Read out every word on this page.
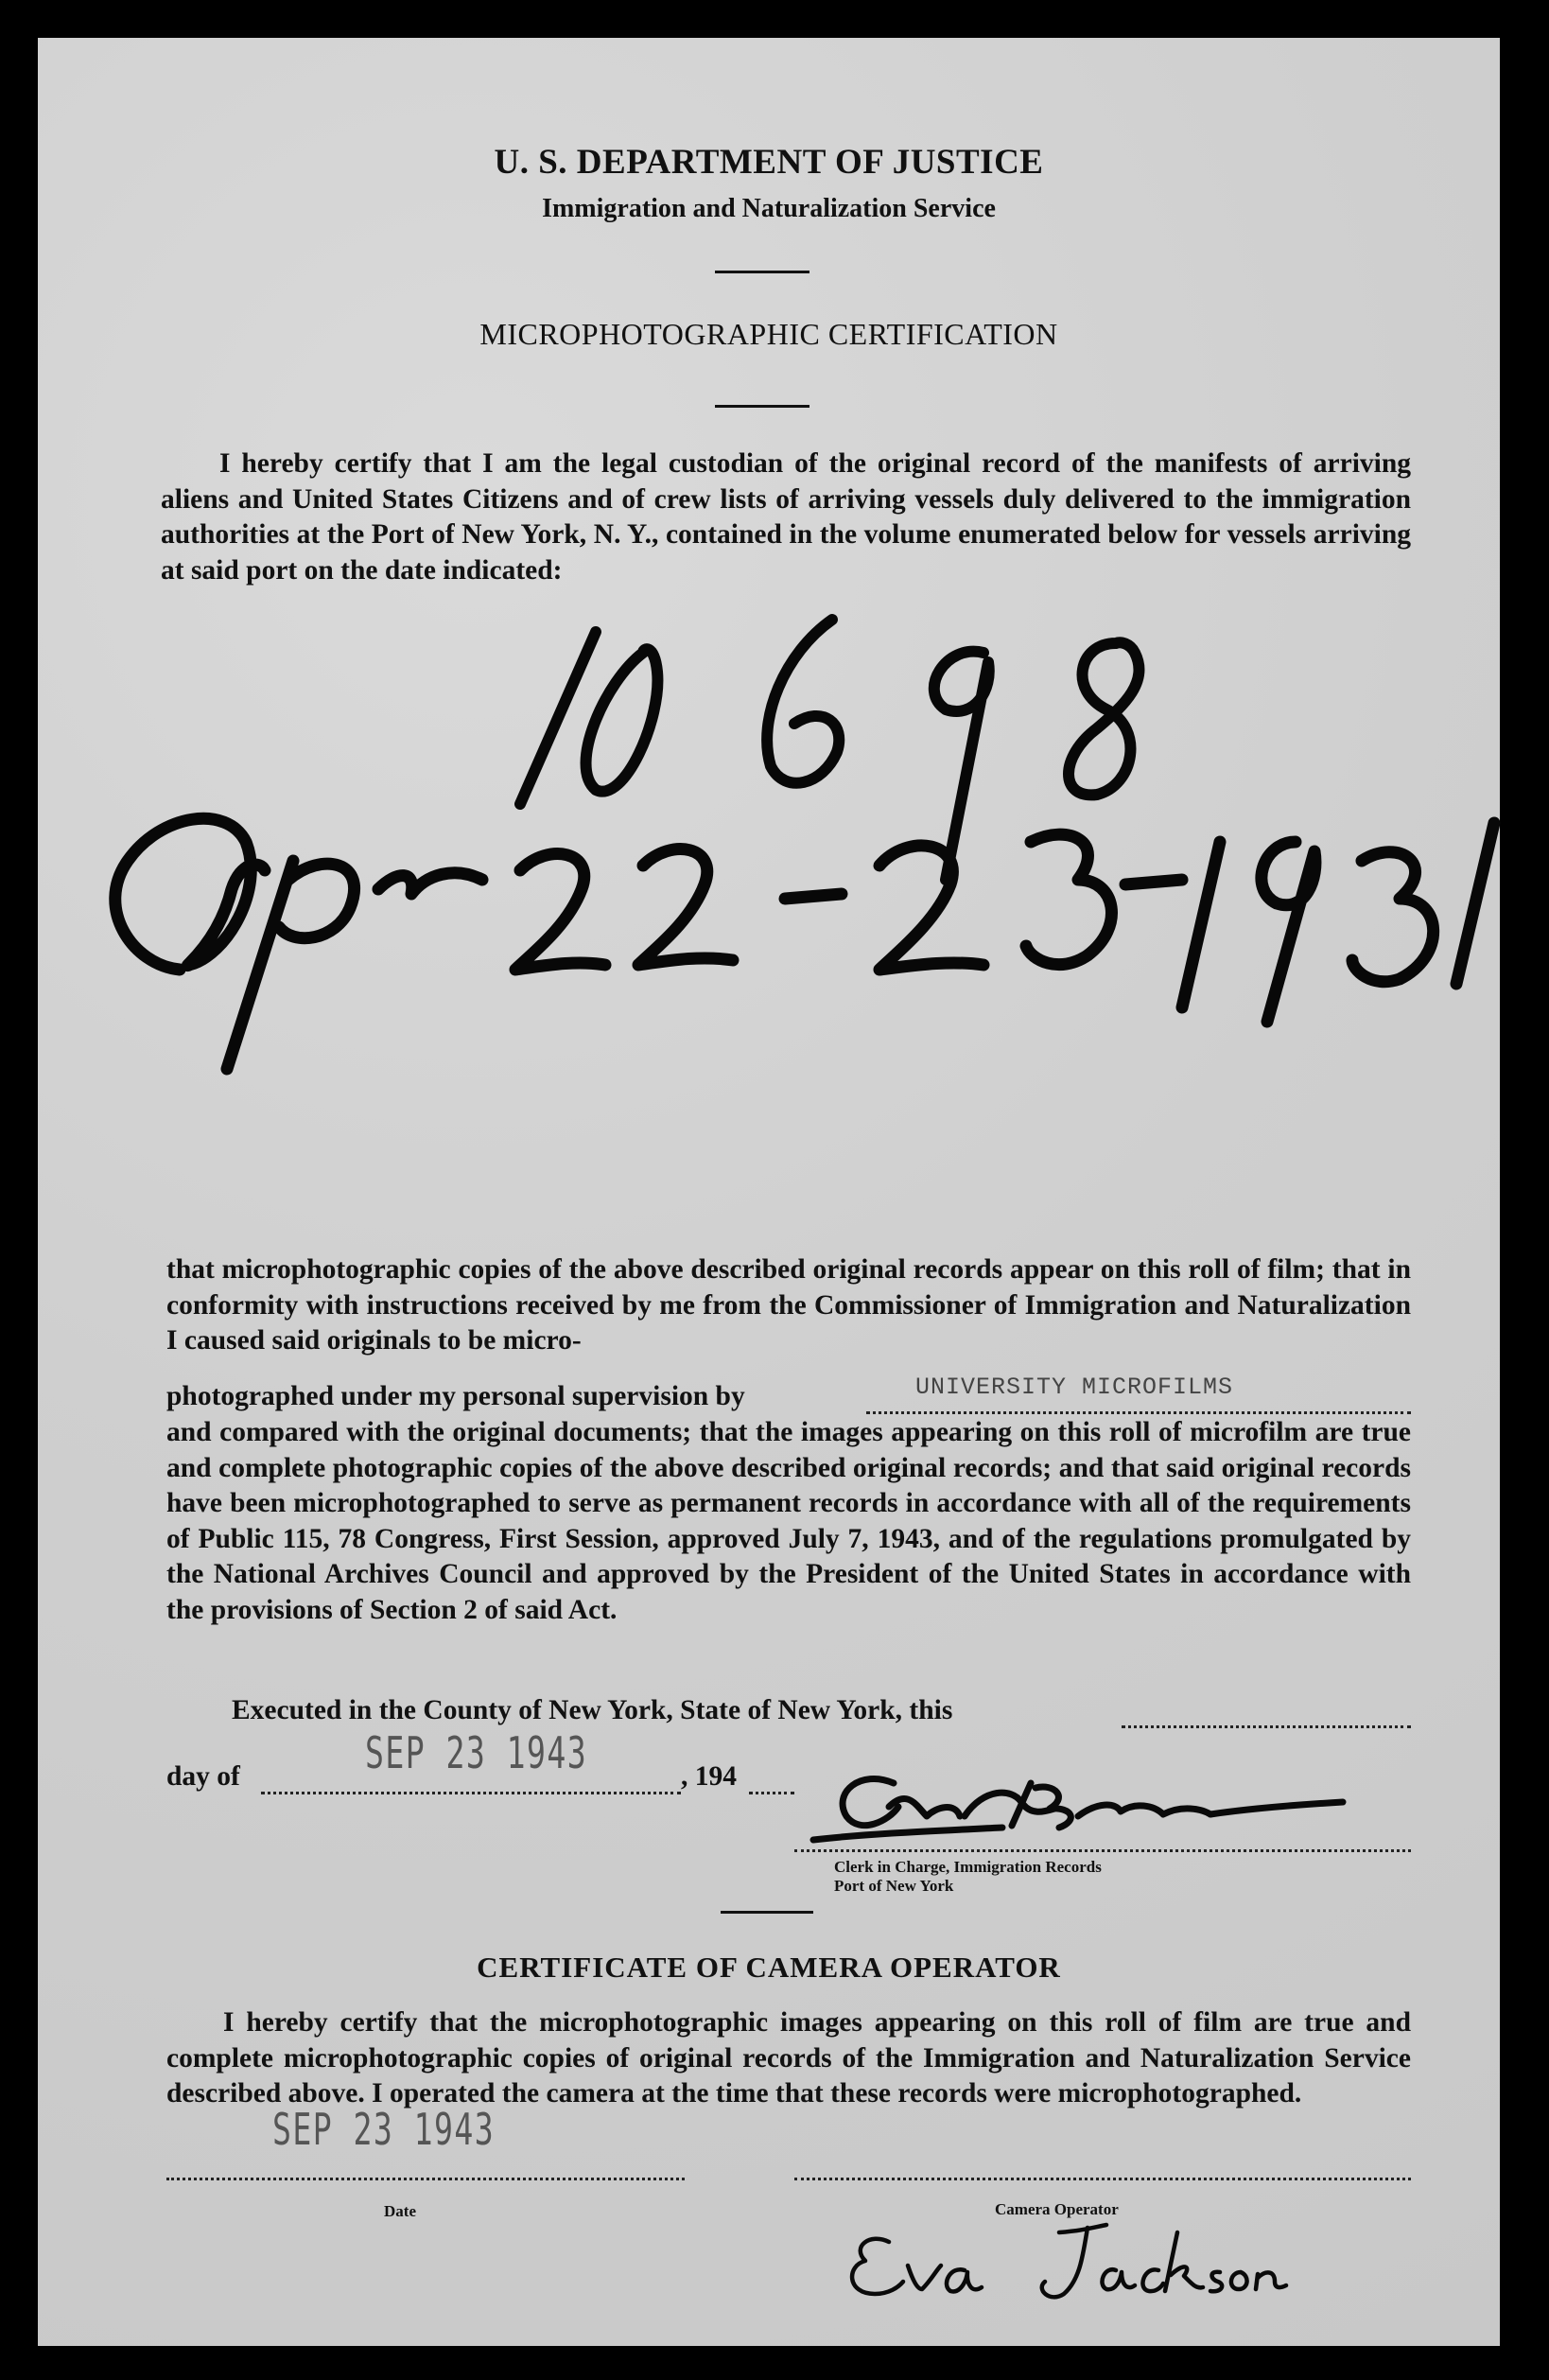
U. S. DEPARTMENT OF JUSTICE
Immigration and Naturalization Service
MICROPHOTOGRAPHIC CERTIFICATION

I hereby certify that I am the legal custodian of the original record of the manifests of arriving aliens and United States Citizens and of crew lists of arriving vessels duly delivered to the immigration authorities at the Port of New York, N. Y., contained in the volume enumerated below for vessels arriving at said port on the date indicated:

that microphotographic copies of the above described original records appear on this roll of film; that in conformity with instructions received by me from the Commissioner of Immigration and Naturalization I caused said originals to be micro-

photographed under my personal supervision by	UNIVERSITY MICROFILMS

and compared with the original documents; that the images appearing on this roll of microfilm are true and complete photographic copies of the above described original records; and that said original records have been microphotographed to serve as permanent records in accordance with all of the requirements of Public 115, 78 Congress, First Session, approved July 7, 1943, and of the regulations promulgated by the National Archives Council and approved by the President of the United States in accordance with the provisions of Section 2 of said Act.

Executed in the County of New York, State of New York, this
day of	SEP 23 1943	, 194
Clerk in Charge, Immigration Records
Port of New York
CERTIFICATE OF CAMERA OPERATOR

I hereby certify that the microphotographic images appearing on this roll of film are true and complete microphotographic copies of original records of the Immigration and Naturalization Service described above. I operated the camera at the time that these records were microphotographed.

SEP 23 1943
Date	Camera Operator
